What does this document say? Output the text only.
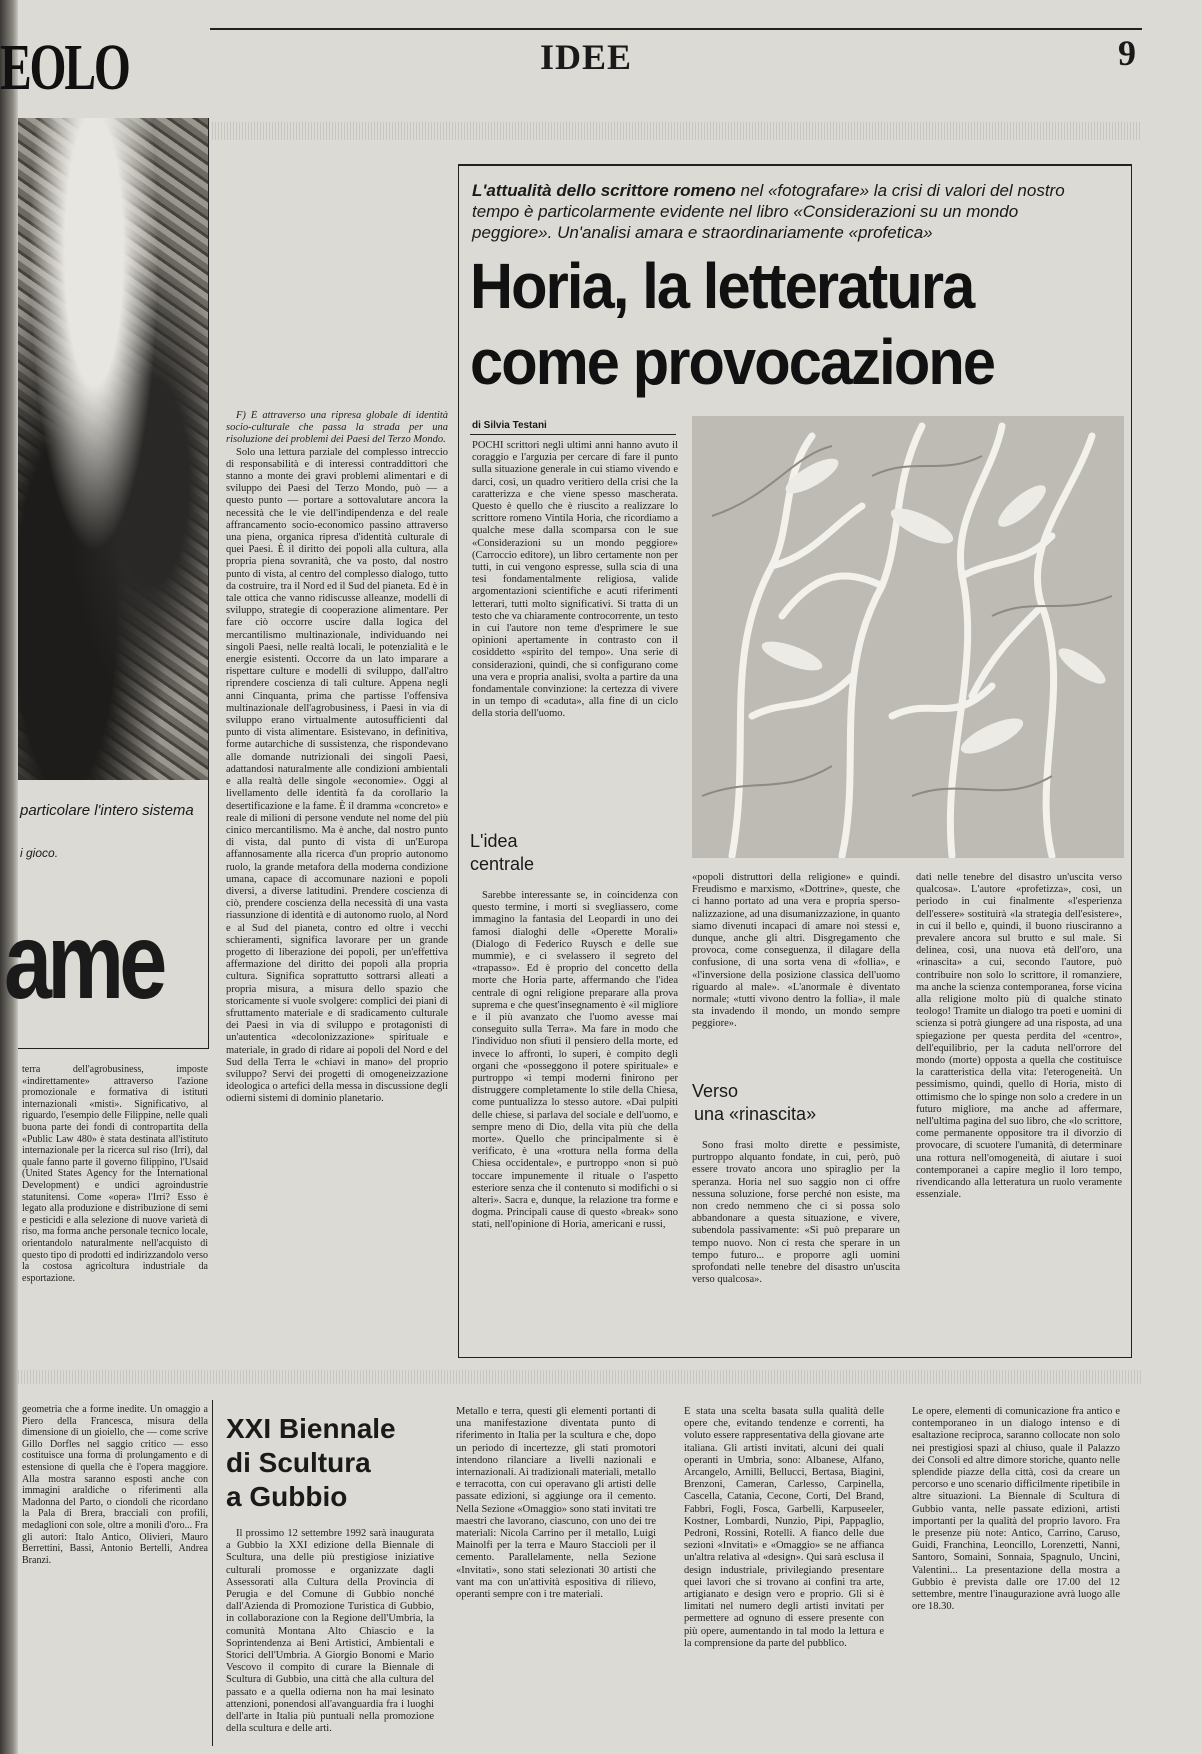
EOLO	IDEE	9
particolare l'intero sistema
i gioco.
ame

terra dell'agrobusiness, imposte «indirettamente» attraverso l'azione promozionale e formativa di istituti internazionali «misti». Significativo, al riguardo, l'esempio delle Filippine, nelle quali buona parte dei fondi di contropartita della «Public Law 480» è stata destinata all'istituto internazionale per la ricerca sul riso (Irri), dal quale fanno parte il governo filippino, l'Usaid (United States Agency for the International Development) e undici agroindustrie statunitensi. Come «opera» l'Irri? Esso è legato alla produzione e distribuzione di semi e pesticidi e alla selezione di nuove varietà di riso, ma forma anche personale tecnico locale, orientandolo naturalmente nell'acquisto di questo tipo di prodotti ed indirizzandolo verso la costosa agricoltura industriale da esportazione.

F) È attraverso una ripresa globale di identità socio-culturale che passa la strada per una risoluzione dei problemi dei Paesi del Terzo Mondo.

Solo una lettura parziale del complesso intreccio di responsabilità e di interessi contraddittori che stanno a monte dei gravi problemi alimentari e di sviluppo dei Paesi del Terzo Mondo, può — a questo punto — portare a sottovalutare ancora la necessità che le vie dell'indipendenza e del reale affrancamento socio-economico passino attraverso una piena, organica ripresa d'identità culturale di quei Paesi. È il diritto dei popoli alla cultura, alla propria piena sovranità, che va posto, dal nostro punto di vista, al centro del complesso dialogo, tutto da costruire, tra il Nord ed il Sud del pianeta. Ed è in tale ottica che vanno ridiscusse alleanze, modelli di sviluppo, strategie di cooperazione alimentare. Per fare ciò occorre uscire dalla logica del mercantilismo multinazionale, individuando nei singoli Paesi, nelle realtà locali, le potenzialità e le energie esistenti. Occorre da un lato imparare a rispettare culture e modelli di sviluppo, dall'altro riprendere coscienza di tali culture. Appena negli anni Cinquanta, prima che partisse l'offensiva multinazionale dell'agrobusiness, i Paesi in via di sviluppo erano virtualmente autosufficienti dal punto di vista alimentare. Esistevano, in definitiva, forme autarchiche di sussistenza, che rispondevano alle domande nutrizionali dei singoli Paesi, adattandosi naturalmente alle condizioni ambientali e alla realtà delle singole «economie». Oggi al livellamento delle identità fa da corollario la desertificazione e la fame. È il dramma «concreto» e reale di milioni di persone vendute nel nome del più cinico mercantilismo. Ma è anche, dal nostro punto di vista, dal punto di vista di un'Europa affannosamente alla ricerca d'un proprio autonomo ruolo, la grande metafora della moderna condizione umana, capace di accomunare nazioni e popoli diversi, a diverse latitudini. Prendere coscienza di ciò, prendere coscienza della necessità di una vasta riassunzione di identità e di autonomo ruolo, al Nord e al Sud del pianeta, contro ed oltre i vecchi schieramenti, significa lavorare per un grande progetto di liberazione dei popoli, per un'effettiva affermazione del diritto dei popoli alla propria cultura. Significa soprattutto sottrarsi alleati a propria misura, a misura dello spazio che storicamente si vuole svolgere: complici dei piani di sfruttamento materiale e di sradicamento culturale dei Paesi in via di sviluppo e protagonisti di un'autentica «decolonizzazione» spirituale e materiale, in grado di ridare ai popoli del Nord e del Sud della Terra le «chiavi in mano» del proprio sviluppo? Servi dei progetti di omogeneizzazione ideologica o artefici della messa in discussione degli odierni sistemi di dominio planetario.

L'attualità dello scrittore romeno nel «fotografare» la crisi di valori del nostro tempo è particolarmente evidente nel libro «Considerazioni su un mondo peggiore». Un'analisi amara e straordinariamente «profetica»
Horia, la letteratura
come provocazione
di Silvia Testani

POCHI scrittori negli ultimi anni hanno avuto il coraggio e l'arguzia per cercare di fare il punto sulla situazione generale in cui stiamo vivendo e darci, così, un quadro veritiero della crisi che la caratterizza e che viene spesso mascherata. Questo è quello che è riuscito a realizzare lo scrittore romeno Vintila Horia, che ricordiamo a qualche mese dalla scomparsa con le sue «Considerazioni su un mondo peggiore» (Carroccio editore), un libro certamente non per tutti, in cui vengono espresse, sulla scia di una tesi fondamentalmente religiosa, valide argomentazioni scientifiche e acuti riferimenti letterari, tutti molto significativi. Si tratta di un testo che va chiaramente controcorrente, un testo in cui l'autore non teme d'esprimere le sue opinioni apertamente in contrasto con il cosiddetto «spirito del tempo». Una serie di considerazioni, quindi, che si configurano come una vera e propria analisi, svolta a partire da una fondamentale convinzione: la certezza di vivere in un tempo di «caduta», alla fine di un ciclo della storia dell'uomo.

L'idea
centrale

Sarebbe interessante se, in coincidenza con questo termine, i morti si svegliassero, come immagino la fantasia del Leopardi in uno dei famosi dialoghi delle «Operette Morali» (Dialogo di Federico Ruysch e delle sue mummie), e ci svelassero il segreto del «trapasso». Ed è proprio del concetto della morte che Horia parte, affermando che l'idea centrale di ogni religione preparare alla prova suprema e che quest'insegnamento è «il migliore e il più avanzato che l'uomo avesse mai conseguito sulla Terra». Ma fare in modo che l'individuo non sfiuti il pensiero della morte, ed invece lo affronti, lo superi, è compito degli organi che «posseggono il potere spirituale» e purtroppo «i tempi moderni finirono per distruggere completamente lo stile della Chiesa, come puntualizza lo stesso autore. «Dai pulpiti delle chiese, si parlava del sociale e dell'uomo, e sempre meno di Dio, della vita più che della morte». Quello che principalmente si è verificato, è una «rottura nella forma della Chiesa occidentale», e purtroppo «non si può toccare impunemente il rituale o l'aspetto esteriore senza che il contenuto si modifichi o si alteri». Sacra e, dunque, la relazione tra forme e dogma. Principali cause di questo «break» sono stati, nell'opinione di Horia, americani e russi,

«popoli distruttori della religione» e quindi. Freudismo e marxismo, «Dottrine», queste, che ci hanno portato ad una vera e propria spersonalizzazione, ad una disumanizzazione, in quanto siamo divenuti incapaci di amare noi stessi e, dunque, anche gli altri. Disgregamento che provoca, come conseguenza, il dilagare della confusione, di una sorta vena di «follia», e «l'inversione della posizione classica dell'uomo riguardo al male». «L'anormale è diventato normale; «tutti vivono dentro la follia», il male sta invadendo il mondo, un mondo sempre peggiore».

Verso
una «rinascita»

Sono frasi molto dirette e pessimiste, purtroppo alquanto fondate, in cui, però, può essere trovato ancora uno spiraglio per la speranza. Horia nel suo saggio non ci offre nessuna soluzione, forse perché non esiste, ma non credo nemmeno che ci si possa solo abbandonare a questa situazione, e vivere, subendola passivamente: «Si può preparare un tempo nuovo. Non ci resta che sperare in un tempo futuro... e proporre agli uomini sprofondati nelle tenebre del disastro un'uscita verso qualcosa».

dati nelle tenebre del disastro un'uscita verso qualcosa». L'autore «profetizza», così, un periodo in cui finalmente «l'esperienza dell'essere» sostituirà «la strategia dell'esistere», in cui il bello e, quindi, il buono riusciranno a prevalere ancora sul brutto e sul male. Si delinea, così, una nuova età dell'oro, una «rinascita» a cui, secondo l'autore, può contribuire non solo lo scrittore, il romanziere, ma anche la scienza contemporanea, forse vicina alla religione molto più di qualche stinato teologo! Tramite un dialogo tra poeti e uomini di scienza si potrà giungere ad una risposta, ad una spiegazione per questa perdita del «centro», dell'equilibrio, per la caduta nell'orrore del mondo (morte) opposta a quella che costituisce la caratteristica della vita: l'eterogeneità. Un pessimismo, quindi, quello di Horia, misto di ottimismo che lo spinge non solo a credere in un futuro migliore, ma anche ad affermare, nell'ultima pagina del suo libro, che «lo scrittore, come permanente oppositore tra il divorzio di provocare, di scuotere l'umanità, di determinare una rottura nell'omogeneità, di aiutare i suoi contemporanei a capire meglio il loro tempo, rivendicando alla letteratura un ruolo veramente essenziale.

geometria che a forme inedite. Un omaggio a Piero della Francesca, misura della dimensione di un gioiello, che — come scrive Gillo Dorfles nel saggio critico — esso costituisce una forma di prolungamento e di estensione di quella che è l'opera maggiore. Alla mostra saranno esposti anche con immagini araldiche o riferimenti alla Madonna del Parto, o ciondoli che ricordano la Pala di Brera, bracciali con profili, medaglioni con sole, oltre a monili d'oro... Fra gli autori: Italo Antico, Olivieri, Mauro Berrettini, Bassi, Antonio Bertelli, Andrea Branzi.

XXI Biennale
di Scultura
a Gubbio

Il prossimo 12 settembre 1992 sarà inaugurata a Gubbio la XXI edizione della Biennale di Scultura, una delle più prestigiose iniziative culturali promosse e organizzate dagli Assessorati alla Cultura della Provincia di Perugia e del Comune di Gubbio nonché dall'Azienda di Promozione Turistica di Gubbio, in collaborazione con la Regione dell'Umbria, la comunità Montana Alto Chiascio e la Soprintendenza ai Beni Artistici, Ambientali e Storici dell'Umbria. A Giorgio Bonomi e Mario Vescovo il compito di curare la Biennale di Scultura di Gubbio, una città che alla cultura del passato e a quella odierna non ha mai lesinato attenzioni, ponendosi all'avanguardia fra i luoghi dell'arte in Italia più puntuali nella promozione della scultura e delle arti.

Metallo e terra, questi gli elementi portanti di una manifestazione diventata punto di riferimento in Italia per la scultura e che, dopo un periodo di incertezze, gli stati promotori intendono rilanciare a livelli nazionali e internazionali. Ai tradizionali materiali, metallo e terracotta, con cui operavano gli artisti delle passate edizioni, si aggiunge ora il cemento. Nella Sezione «Omaggio» sono stati invitati tre maestri che lavorano, ciascuno, con uno dei tre materiali: Nicola Carrino per il metallo, Luigi Mainolfi per la terra e Mauro Staccioli per il cemento. Parallelamente, nella Sezione «Invitati», sono stati selezionati 30 artisti che vant ma con un'attività espositiva di rilievo, operanti sempre con i tre materiali.

È stata una scelta basata sulla qualità delle opere che, evitando tendenze e correnti, ha voluto essere rappresentativa della giovane arte italiana. Gli artisti invitati, alcuni dei quali operanti in Umbria, sono: Albanese, Alfano, Arcangelo, Arnilli, Bellucci, Bertasa, Biagini, Brenzoni, Cameran, Carlesso, Carpinella, Cascella, Catania, Cecone, Corti, Del Brand, Fabbri, Fogli, Fosca, Garbelli, Karpuseeler, Kostner, Lombardi, Nunzio, Pipi, Pappaglio, Pedroni, Rossini, Rotelli. A fianco delle due sezioni «Invitati» e «Omaggio» se ne affianca un'altra relativa al «design». Qui sarà esclusa il design industriale, privilegiando presentare quei lavori che si trovano ai confini tra arte, artigianato e design vero e proprio. Gli si è limitati nel numero degli artisti invitati per permettere ad ognuno di essere presente con più opere, aumentando in tal modo la lettura e la comprensione da parte del pubblico.

Le opere, elementi di comunicazione fra antico e contemporaneo in un dialogo intenso e di esaltazione reciproca, saranno collocate non solo nei prestigiosi spazi al chiuso, quale il Palazzo dei Consoli ed altre dimore storiche, quanto nelle splendide piazze della città, così da creare un percorso e uno scenario difficilmente ripetibile in altre situazioni. La Biennale di Scultura di Gubbio vanta, nelle passate edizioni, artisti importanti per la qualità del proprio lavoro. Fra le presenze più note: Antico, Carrino, Caruso, Guidi, Franchina, Leoncillo, Lorenzetti, Nanni, Santoro, Somaini, Sonnaia, Spagnulo, Uncini, Valentini... La presentazione della mostra a Gubbio è prevista dalle ore 17.00 del 12 settembre, mentre l'inaugurazione avrà luogo alle ore 18.30.
